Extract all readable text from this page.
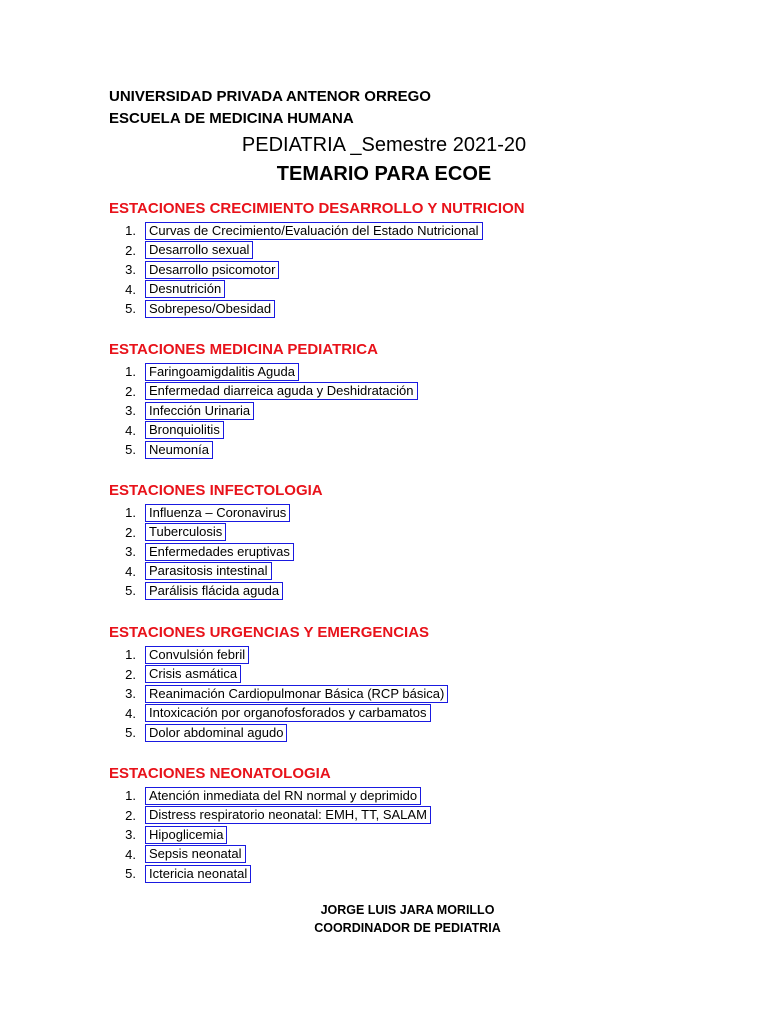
UNIVERSIDAD PRIVADA ANTENOR ORREGO
ESCUELA DE MEDICINA HUMANA
PEDIATRIA _Semestre 2021-20
TEMARIO PARA ECOE
ESTACIONES CRECIMIENTO DESARROLLO Y NUTRICION
1.	Curvas de Crecimiento/Evaluación del Estado Nutricional
2.	Desarrollo sexual
3.	Desarrollo psicomotor
4.	Desnutrición
5.	Sobrepeso/Obesidad
ESTACIONES MEDICINA PEDIATRICA
1.	Faringoamigdalitis Aguda
2.	Enfermedad diarreica aguda y Deshidratación
3.	Infección Urinaria
4.	Bronquiolitis
5.	Neumonía
ESTACIONES INFECTOLOGIA
1.	Influenza – Coronavirus
2.	Tuberculosis
3.	Enfermedades eruptivas
4.	Parasitosis intestinal
5.	Parálisis flácida aguda
ESTACIONES URGENCIAS Y EMERGENCIAS
1.	Convulsión febril
2.	Crisis asmática
3.	Reanimación Cardiopulmonar Básica (RCP básica)
4.	Intoxicación por organofosforados y carbamatos
5.	Dolor abdominal agudo
ESTACIONES NEONATOLOGIA
1.	Atención inmediata del RN normal y deprimido
2.	Distress respiratorio neonatal: EMH, TT, SALAM
3.	Hipoglicemia
4.	Sepsis neonatal
5.	Ictericia neonatal
JORGE LUIS JARA MORILLO
COORDINADOR DE PEDIATRIA
